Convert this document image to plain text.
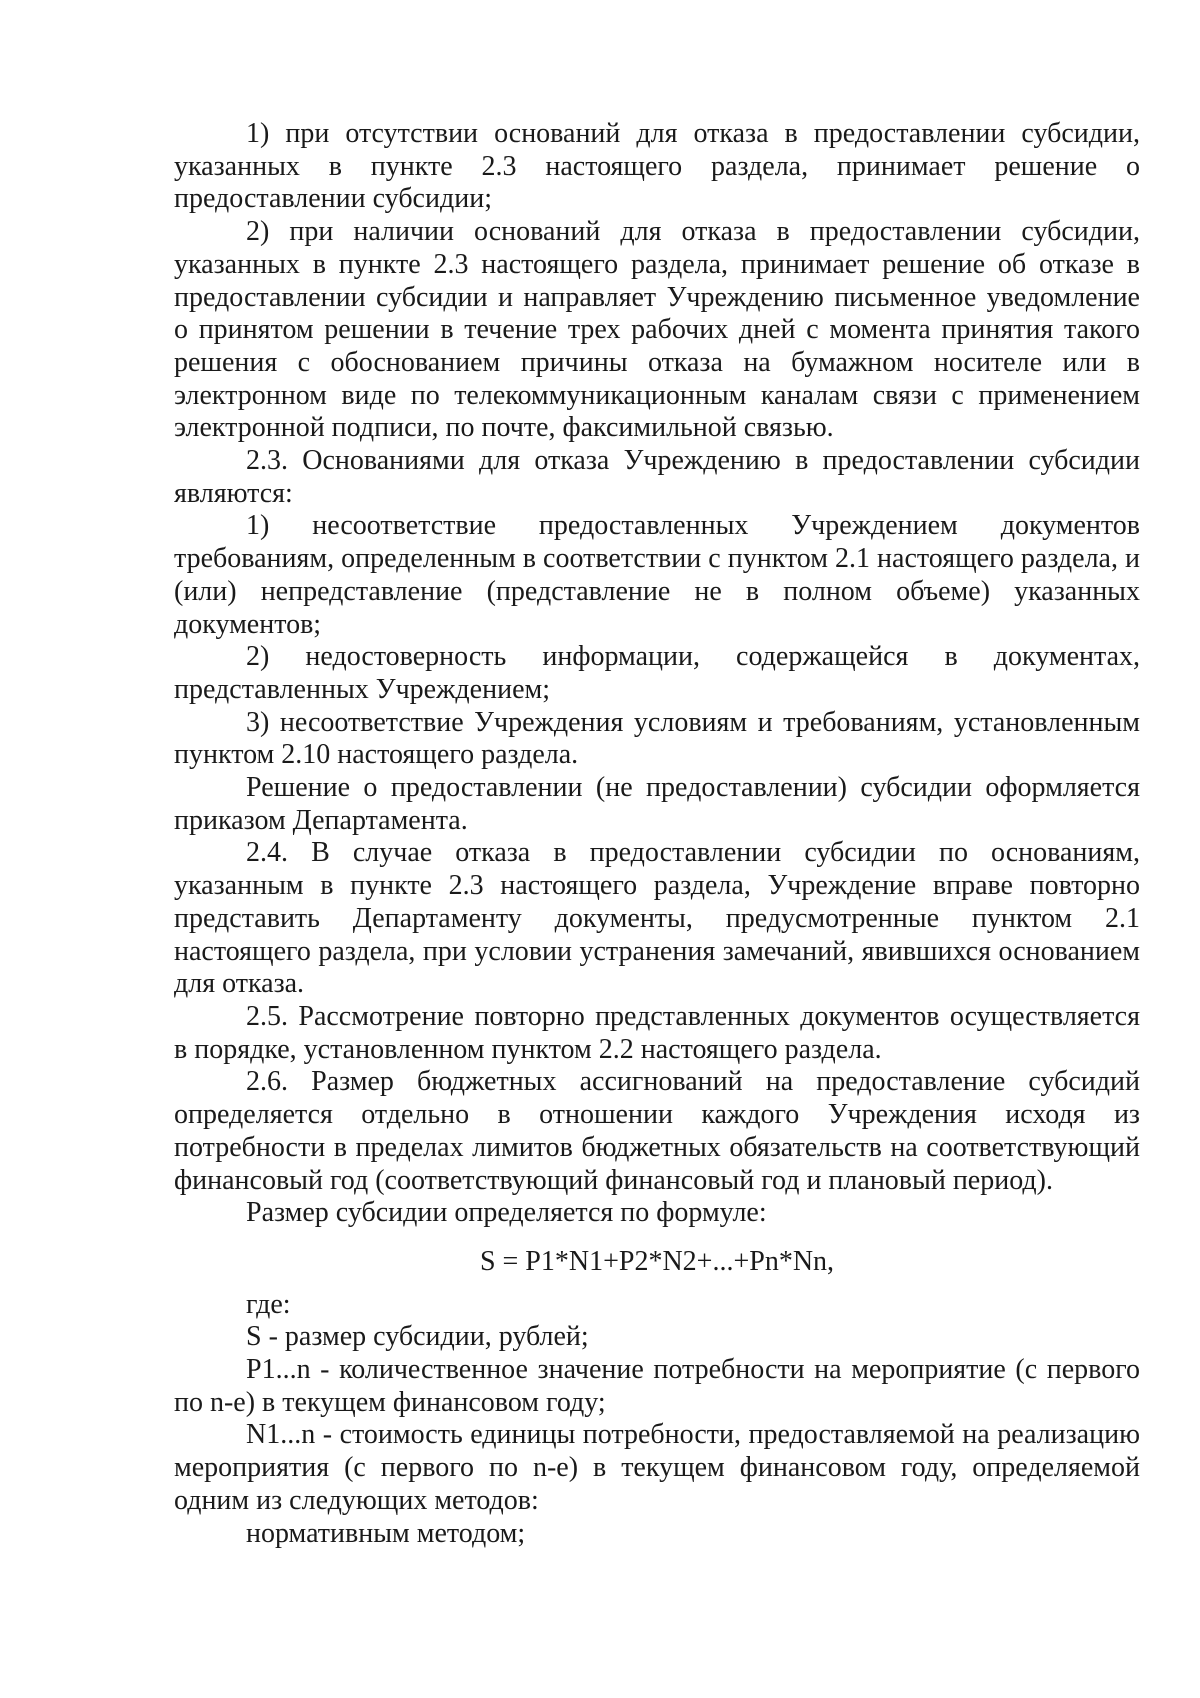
1) при отсутствии оснований для отказа в предоставлении субсидии, указанных в пункте 2.3 настоящего раздела, принимает решение о предоставлении субсидии;

2) при наличии оснований для отказа в предоставлении субсидии, указанных в пункте 2.3 настоящего раздела, принимает решение об отказе в предоставлении субсидии и направляет Учреждению письменное уведомление о принятом решении в течение трех рабочих дней с момента принятия такого решения с обоснованием причины отказа на бумажном носителе или в электронном виде по телекоммуникационным каналам связи с применением электронной подписи, по почте, факсимильной связью.

2.3. Основаниями для отказа Учреждению в предоставлении субсидии являются:

1) несоответствие предоставленных Учреждением документов требованиям, определенным в соответствии с пунктом 2.1 настоящего раздела, и (или) непредставление (представление не в полном объеме) указанных документов;

2) недостоверность информации, содержащейся в документах, представленных Учреждением;

3) несоответствие Учреждения условиям и требованиям, установленным пунктом 2.10 настоящего раздела.

Решение о предоставлении (не предоставлении) субсидии оформляется приказом Департамента.

2.4. В случае отказа в предоставлении субсидии по основаниям, указанным в пункте 2.3 настоящего раздела, Учреждение вправе повторно представить Департаменту документы, предусмотренные пунктом 2.1 настоящего раздела, при условии устранения замечаний, явившихся основанием для отказа.

2.5. Рассмотрение повторно представленных документов осуществляется в порядке, установленном пунктом 2.2 настоящего раздела.

2.6. Размер бюджетных ассигнований на предоставление субсидий определяется отдельно в отношении каждого Учреждения исходя из потребности в пределах лимитов бюджетных обязательств на соответствующий финансовый год (соответствующий финансовый год и плановый период).

Размер субсидии определяется по формуле:

S = P1*N1+P2*N2+...+Pn*Nn,

где:

S - размер субсидии, рублей;

P1...n - количественное значение потребности на мероприятие (с первого по n-е) в текущем финансовом году;

N1...n - стоимость единицы потребности, предоставляемой на реализацию мероприятия (с первого по n-е) в текущем финансовом году, определяемой одним из следующих методов:

нормативным методом;
